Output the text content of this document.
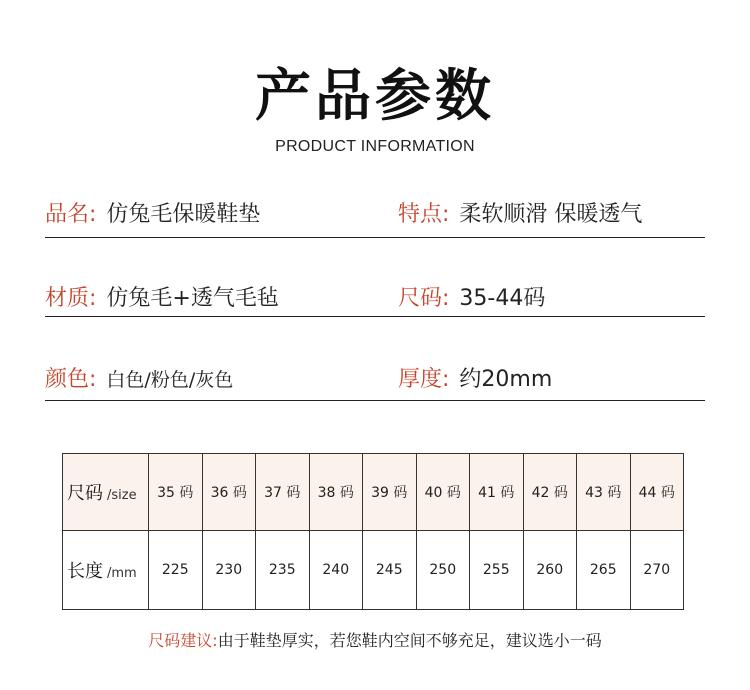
产品参数
PRODUCT INFORMATION
品名: 仿兔毛保暖鞋垫	特点: 柔软顺滑 保暖透气
材质: 仿兔毛+透气毛毡	尺码: 35-44码
颜色: 白色/粉色/灰色	厚度: 约20mm
尺码 /size	35 码	36 码	37 码	38 码	39 码	40 码	41 码	42 码	43 码	44 码
长度 /mm	225	230	235	240	245	250	255	260	265	270
尺码建议:由于鞋垫厚实，若您鞋内空间不够充足，建议选小一码
